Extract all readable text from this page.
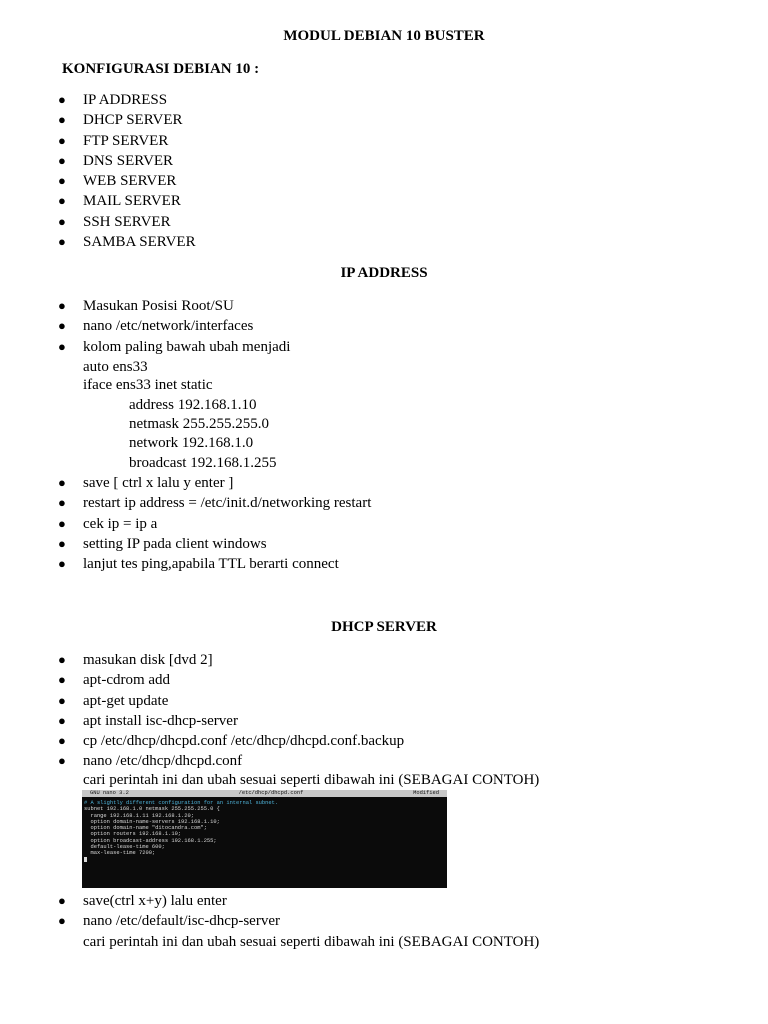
MODUL DEBIAN 10 BUSTER
KONFIGURASI DEBIAN 10 :
● IP ADDRESS
● DHCP SERVER
● FTP SERVER
● DNS SERVER
● WEB SERVER
● MAIL SERVER
● SSH SERVER
● SAMBA SERVER
IP ADDRESS
● Masukan Posisi Root/SU
● nano /etc/network/interfaces
● kolom paling bawah ubah menjadi
auto ens33
iface ens33 inet static
address 192.168.1.10
netmask 255.255.255.0
network 192.168.1.0
broadcast 192.168.1.255
● save [ ctrl x lalu y enter ]
● restart ip address = /etc/init.d/networking restart
● cek ip = ip a
● setting IP pada client windows
● lanjut tes ping,apabila TTL berarti connect
DHCP SERVER
● masukan disk [dvd 2]
● apt-cdrom add
● apt-get update
● apt install isc-dhcp-server
● cp /etc/dhcp/dhcpd.conf /etc/dhcp/dhcpd.conf.backup
● nano /etc/dhcp/dhcpd.conf
cari perintah ini dan ubah sesuai seperti dibawah ini (SEBAGAI CONTOH)
GNU nano 3.2	/etc/dhcp/dhcpd.conf	Modified
# A slightly different configuration for an internal subnet.
subnet 192.168.1.0 netmask 255.255.255.0 {
range 192.168.1.11 192.168.1.20;
option domain-name-servers 192.168.1.10;
option domain-name "ditocandra.com";
option routers 192.168.1.10;
option broadcast-address 192.168.1.255;
default-lease-time 600;
max-lease-time 7200;
● save(ctrl x+y) lalu enter
● nano /etc/default/isc-dhcp-server
cari perintah ini dan ubah sesuai seperti dibawah ini (SEBAGAI CONTOH)
